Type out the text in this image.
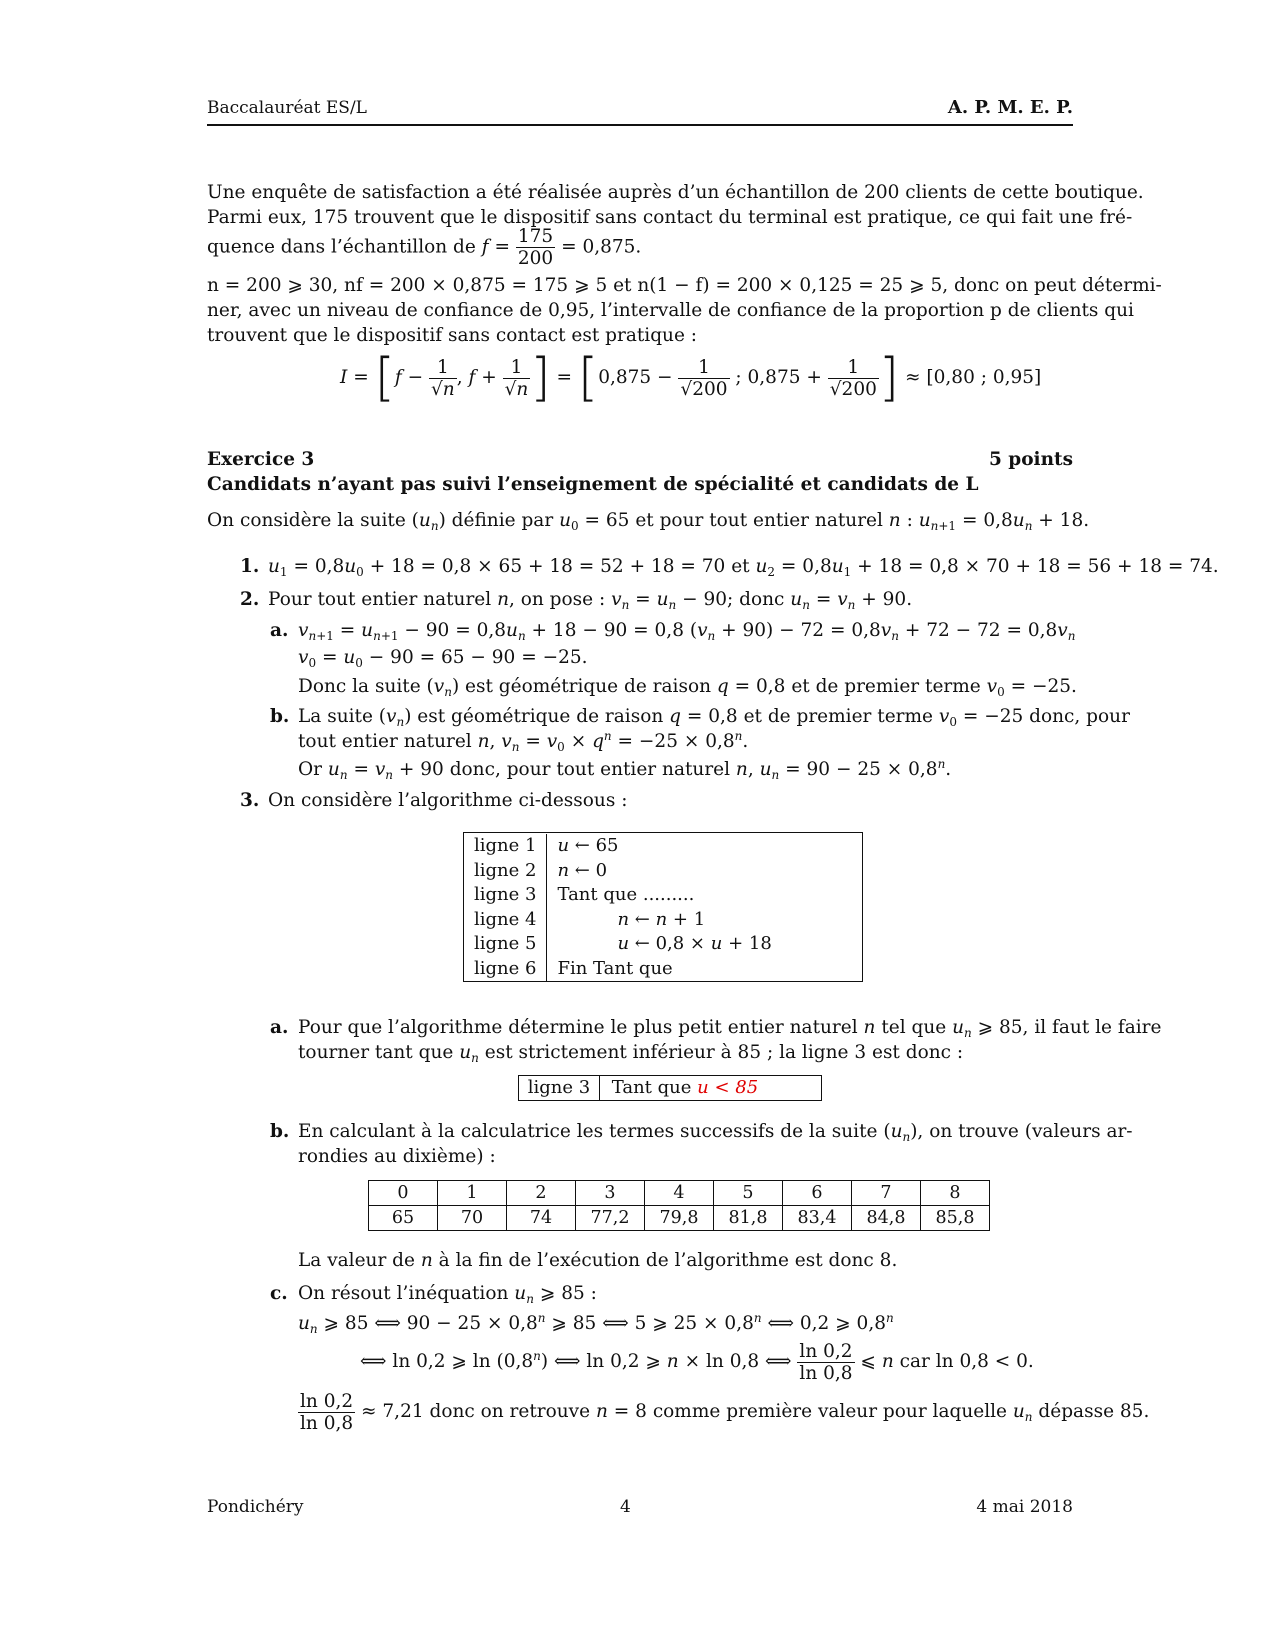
Baccalauréat ES/L	A. P. M. E. P.
Une enquête de satisfaction a été réalisée auprès d’un échantillon de 200 clients de cette boutique.
Parmi eux, 175 trouvent que le dispositif sans contact du terminal est pratique, ce qui fait une fré-
quence dans l’échantillon de $f = \frac{175}{200} = 0,875$.
n = 200 ⩾ 30, nf = 200 × 0,875 = 175 ⩾ 5 et n(1 − f) = 200 × 0,125 = 25 ⩾ 5, donc on peut détermi-
ner, avec un niveau de confiance de 0,95, l’intervalle de confiance de la proportion p de clients qui
trouvent que le dispositif sans contact est pratique :
$I = [f - \frac{1}{√n}$ , $f + \frac{1}{√n}$ ] = [$0,875 - \frac{1}{√200}$ ; $0,875 + \frac{1}{√200}$ ] ≈ [0,80 ; 0,95]
Exercice 3	5 points
Candidats n’ayant pas suivi l’enseignement de spécialité et candidats de L
On considère la suite $(u_n)$ définie par $u_0 = 65$ et pour tout entier naturel n : $u_{n+1} = 0,8u_n + 18$.
1. $u_1 = 0,8u_0 + 18 = 0,8 \times 65 + 18 = 52 + 18 = 70$ et $u_2 = 0,8u_1 + 18 = 0,8 \times 70 + 18 = 56 + 18 = 74$.
2. Pour tout entier naturel n, on pose : $v_n = u_n - 90$; donc $u_n = v_n + 90$.
a. $v_{n+1} = u_{n+1} - 90 = 0,8u_n + 18 - 90 = 0,8$ $(v_n + 90) - 72 = 0,8v_n + 72 - 72 = 0,8v_n$
$v_0 = u_0 - 90 = 65 - 90 = -25$.
Donc la suite $(v_n)$ est géométrique de raison q = 0,8 et de premier terme $v_0 = -25$.
b. La suite $(v_n)$ est géométrique de raison q = 0,8 et de premier terme $v_0 = -25$ donc, pour
tout entier naturel n, $v_n = v_0 \times q^n = -25 \times 0,8^n$.
Or $u_n = v_n + 90$ donc, pour tout entier naturel n, $u_n = 90 - 25 \times 0,8^n$.
3. On considère l’algorithme ci-dessous :
ligne 1	u ← 65
ligne 2	n ← 0
ligne 3	Tant que .........
ligne 4	n ← n + 1
ligne 5	u ← 0,8 × u + 18
ligne 6	Fin Tant que
a. Pour que l’algorithme détermine le plus petit entier naturel n tel que $u_n$ ⩾ 85, il faut le faire
tourner tant que $u_n$ est strictement inférieur à 85 ; la ligne 3 est donc :
ligne 3 Tant que u < 85
b. En calculant à la calculatrice les termes successifs de la suite $(u_n)$, on trouve (valeurs ar-
rondies au dixième) :
0	1	2	3	4	5	6	7	8
65	70	74	77,2	79,8	81,8	83,4	84,8	85,8
La valeur de n à la fin de l’exécution de l’algorithme est donc 8.
c. On résout l’inéquation $u_n$ ⩾ 85 :
$u_n$ ⩾ 85 ⟺ $90 - 25 \times 0,8^n$ ⩾ 85 ⟺ 5 ⩾ $25 \times 0,8^n$ ⟺ 0,2 ⩾ 0,8$^n$
⟺ ln 0,2 ⩾ ln (0,8$^n$) ⟺ ln 0,2 ⩾ n × ln 0,8 ⟺ $\frac{\ln 0,2}{\ln 0,8}$ ⩽ n car ln 0,8 < 0.
$\frac{\ln 0,2}{\ln 0,8} \approx 7,21$ donc on retrouve n = 8 comme première valeur pour laquelle $u_n$ dépasse 85.
Pondichéry	4	4 mai 2018
